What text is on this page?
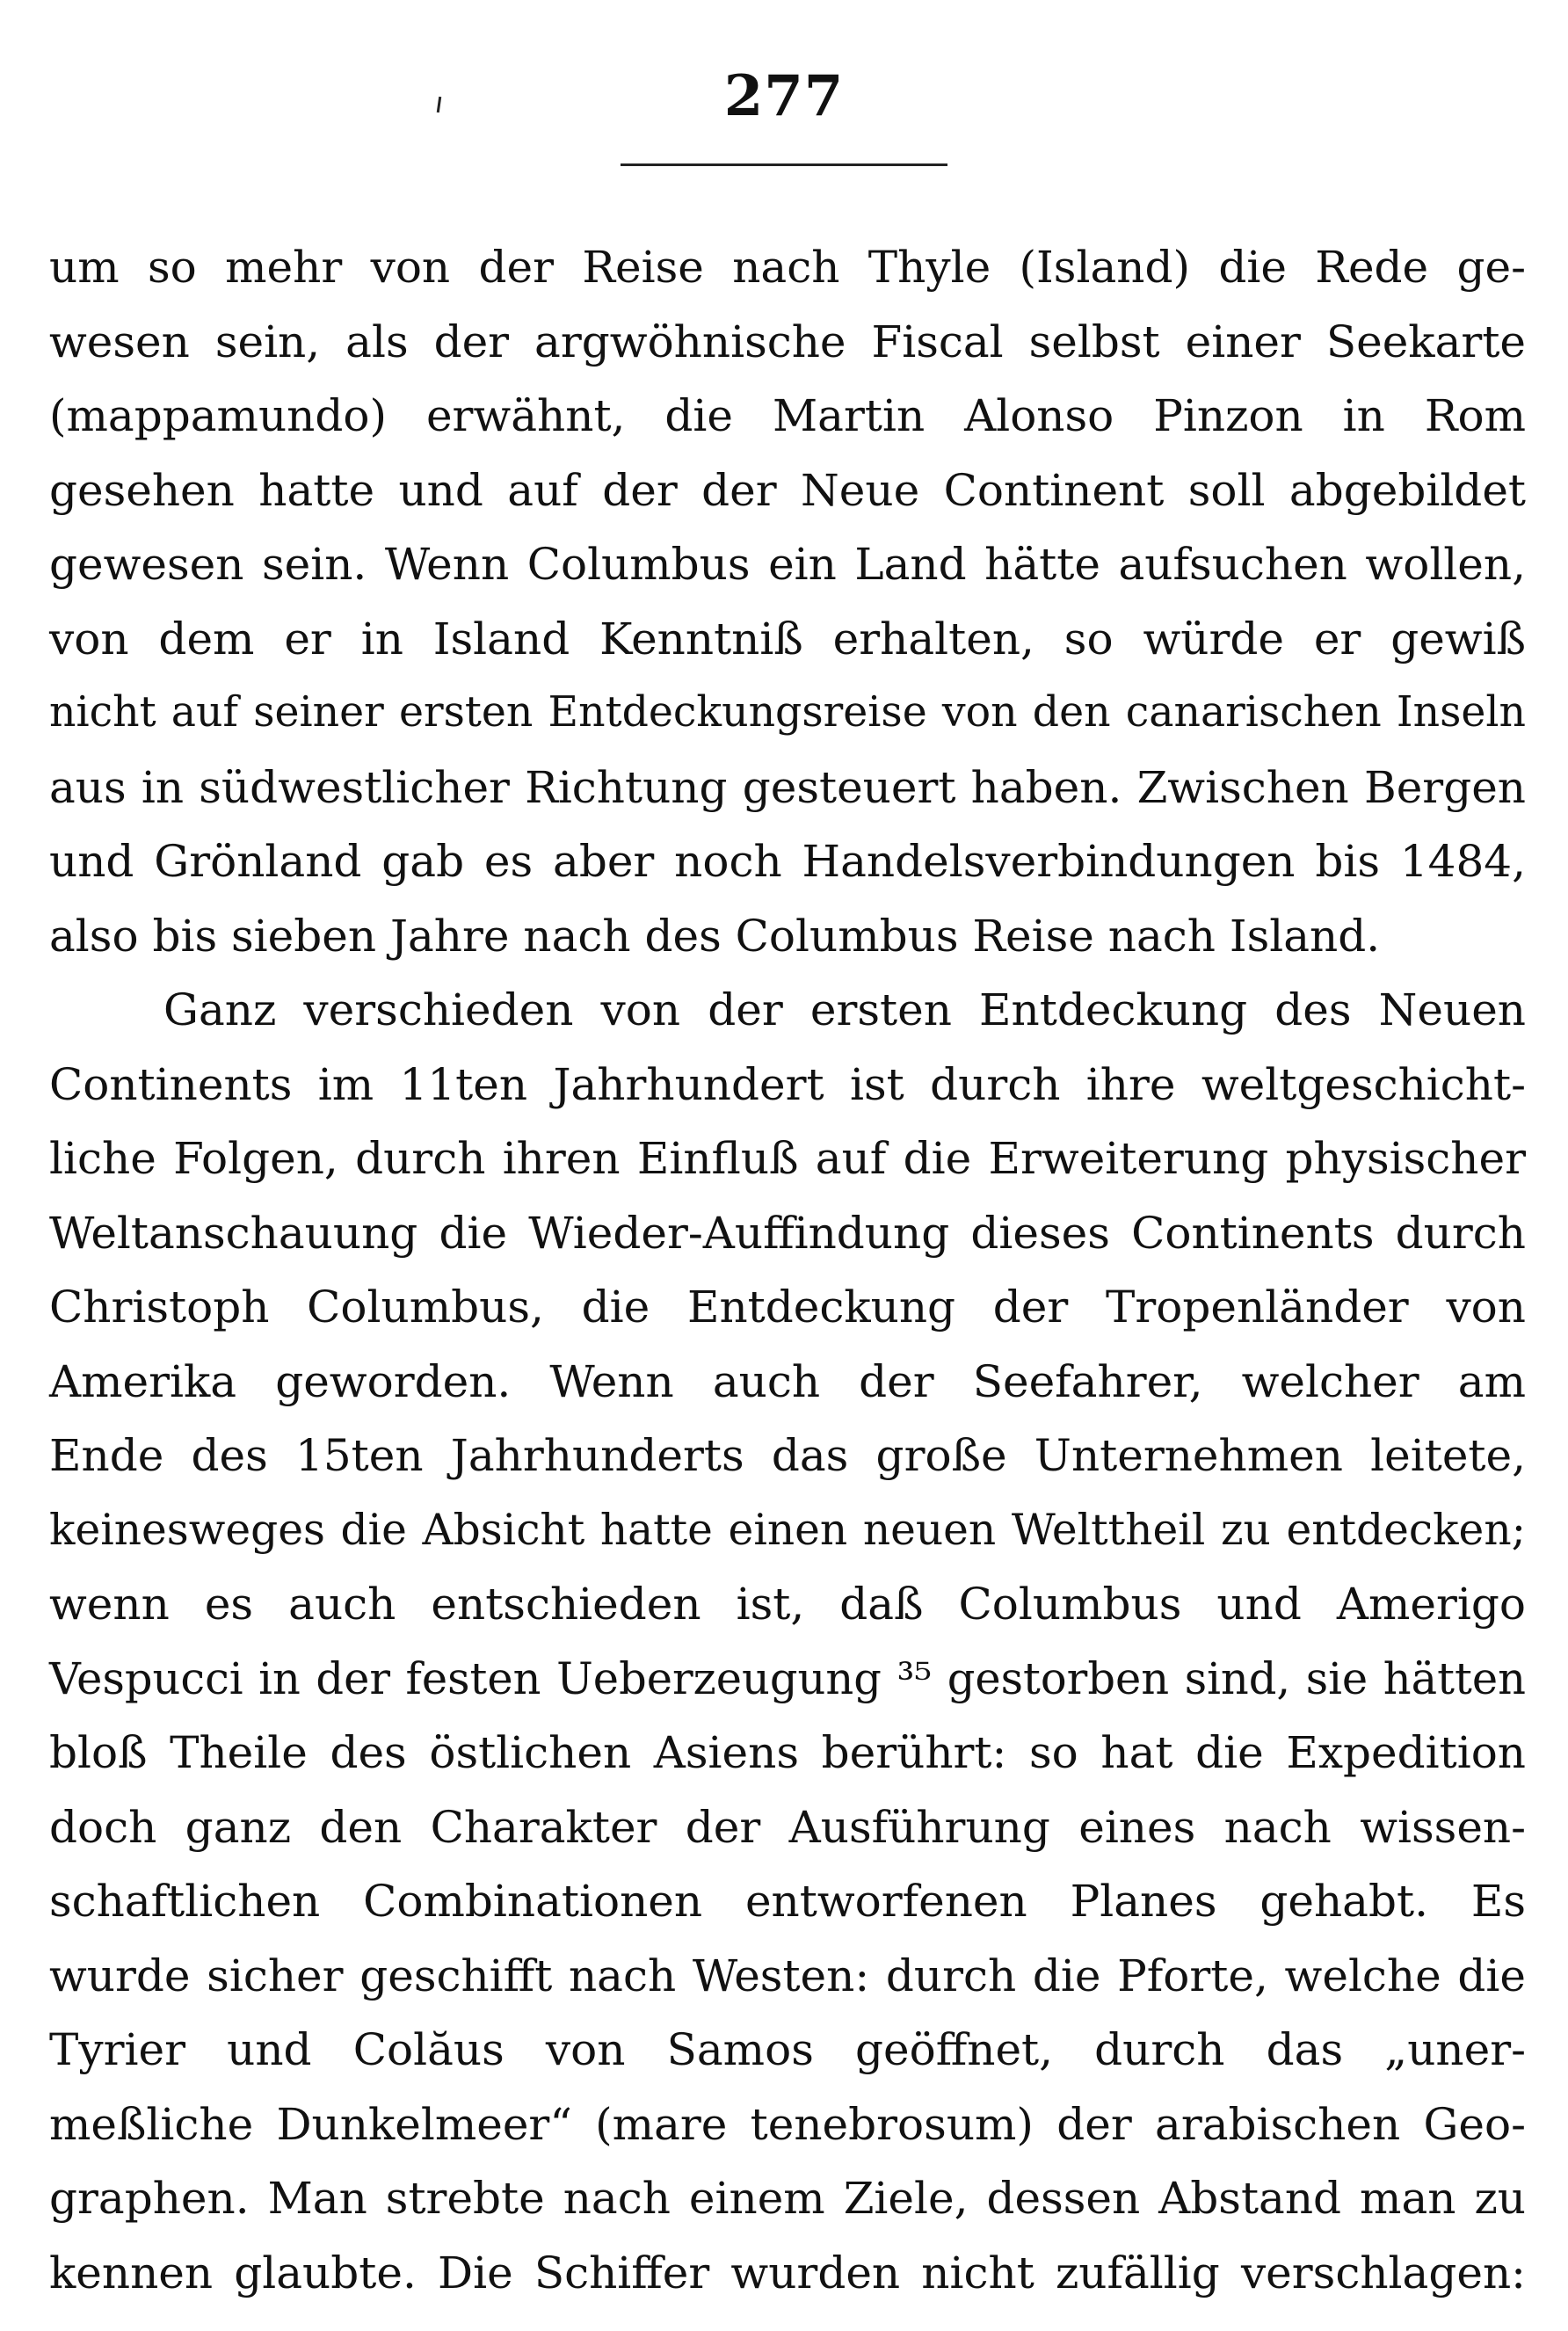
277
um so mehr von der Reise nach Thyle (Island) die Rede ge-
wesen sein, als der argwöhnische Fiscal selbst einer Seekarte
(mappamundo) erwähnt, die Martin Alonso Pinzon in Rom
gesehen hatte und auf der der Neue Continent soll abgebildet
gewesen sein. Wenn Columbus ein Land hätte aufsuchen wollen,
von dem er in Island Kenntniß erhalten, so würde er gewiß
nicht auf seiner ersten Entdeckungsreise von den canarischen Inseln
aus in südwestlicher Richtung gesteuert haben. Zwischen Bergen
und Grönland gab es aber noch Handelsverbindungen bis 1484,
also bis sieben Jahre nach des Columbus Reise nach Island.
Ganz verschieden von der ersten Entdeckung des Neuen
Continents im 11ten Jahrhundert ist durch ihre weltgeschicht-
liche Folgen, durch ihren Einfluß auf die Erweiterung physischer
Weltanschauung die Wieder-Auffindung dieses Continents durch
Christoph Columbus, die Entdeckung der Tropenländer von
Amerika geworden. Wenn auch der Seefahrer, welcher am
Ende des 15ten Jahrhunderts das große Unternehmen leitete,
keinesweges die Absicht hatte einen neuen Welttheil zu entdecken;
wenn es auch entschieden ist, daß Columbus und Amerigo
Vespucci in der festen Ueberzeugung ³⁵ gestorben sind, sie hätten
bloß Theile des östlichen Asiens berührt: so hat die Expedition
doch ganz den Charakter der Ausführung eines nach wissen-
schaftlichen Combinationen entworfenen Planes gehabt. Es
wurde sicher geschifft nach Westen: durch die Pforte, welche die
Tyrier und Colăus von Samos geöffnet, durch das „uner-
meßliche Dunkelmeer“ (mare tenebrosum) der arabischen Geo-
graphen. Man strebte nach einem Ziele, dessen Abstand man zu
kennen glaubte. Die Schiffer wurden nicht zufällig verschlagen:
